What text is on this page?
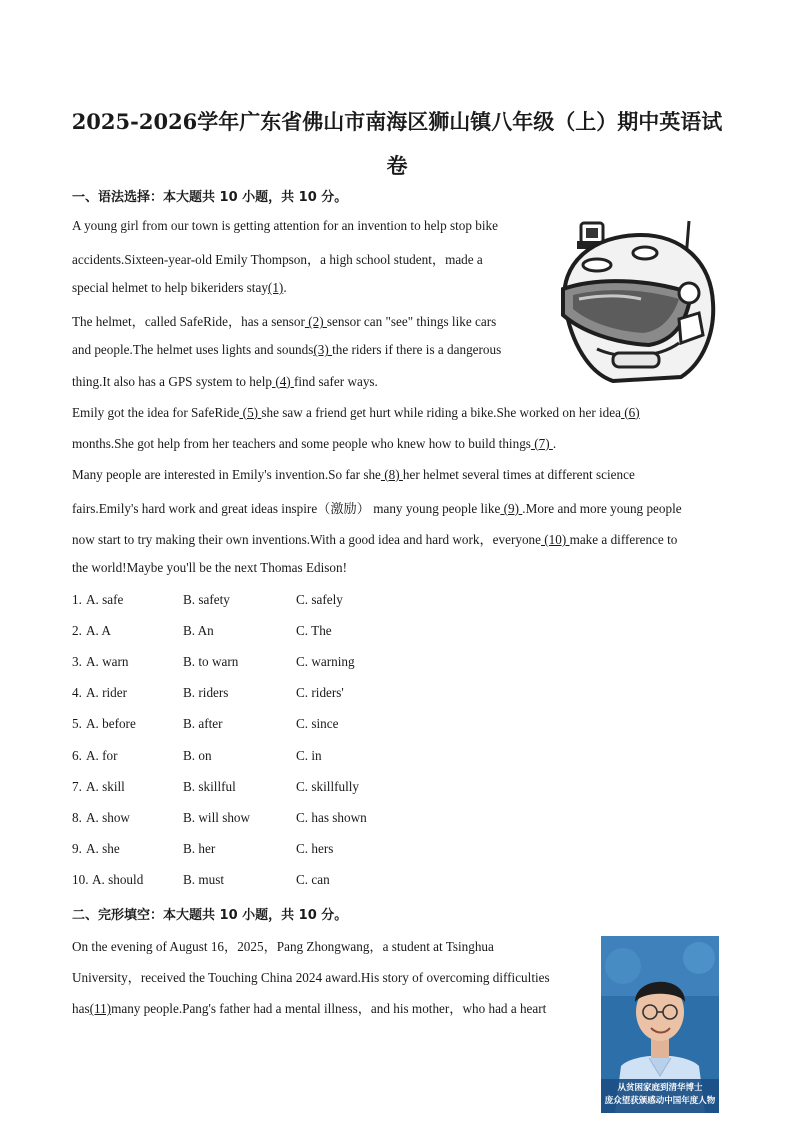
2025-2026学年广东省佛山市南海区狮山镇八年级（上）期中英语试
卷
一、语法选择：本大题共 10 小题，共 10 分。
A young girl from our town is getting attention for an invention to help stop bike
accidents.Sixteen-year-old Emily Thompson，a high school student，made a
special helmet to help bikeriders stay(1).
The helmet，called SafeRide，has a sensor (2) sensor can "see" things like cars
and people.The helmet uses lights and sounds(3) the riders if there is a dangerous
thing.It also has a GPS system to help (4) find safer ways.
Emily got the idea for SafeRide (5) she saw a friend get hurt while riding a bike.She worked on her idea (6)
months.She got help from her teachers and some people who knew how to build things (7) .
Many people are interested in Emily's invention.So far she (8) her helmet several times at different science
fairs.Emily's hard work and great ideas inspire（激励） many young people like (9) .More and more young people
now start to try making their own inventions.With a good idea and hard work，everyone (10) make a difference to
the world!Maybe you'll be the next Thomas Edison!
1. A. safe	B. safety	C. safely
2. A. A	B. An	C. The
3. A. warn	B. to warn	C. warning
4. A. rider	B. riders	C. riders'
5. A. before	B. after	C. since
6. A. for	B. on	C. in
7. A. skill	B. skillful	C. skillfully
8. A. show	B. will show	C. has shown
9. A. she	B. her	C. hers
10. A. should	B. must	C. can
二、完形填空：本大题共 10 小题，共 10 分。
On the evening of August 16，2025，Pang Zhongwang，a student at Tsinghua
University，received the Touching China 2024 award.His story of overcoming difficulties
has(11)many people.Pang's father had a mental illness，and his mother，who had a heart
从贫困家庭到清华博士
庞众望获颁感动中国年度人物
